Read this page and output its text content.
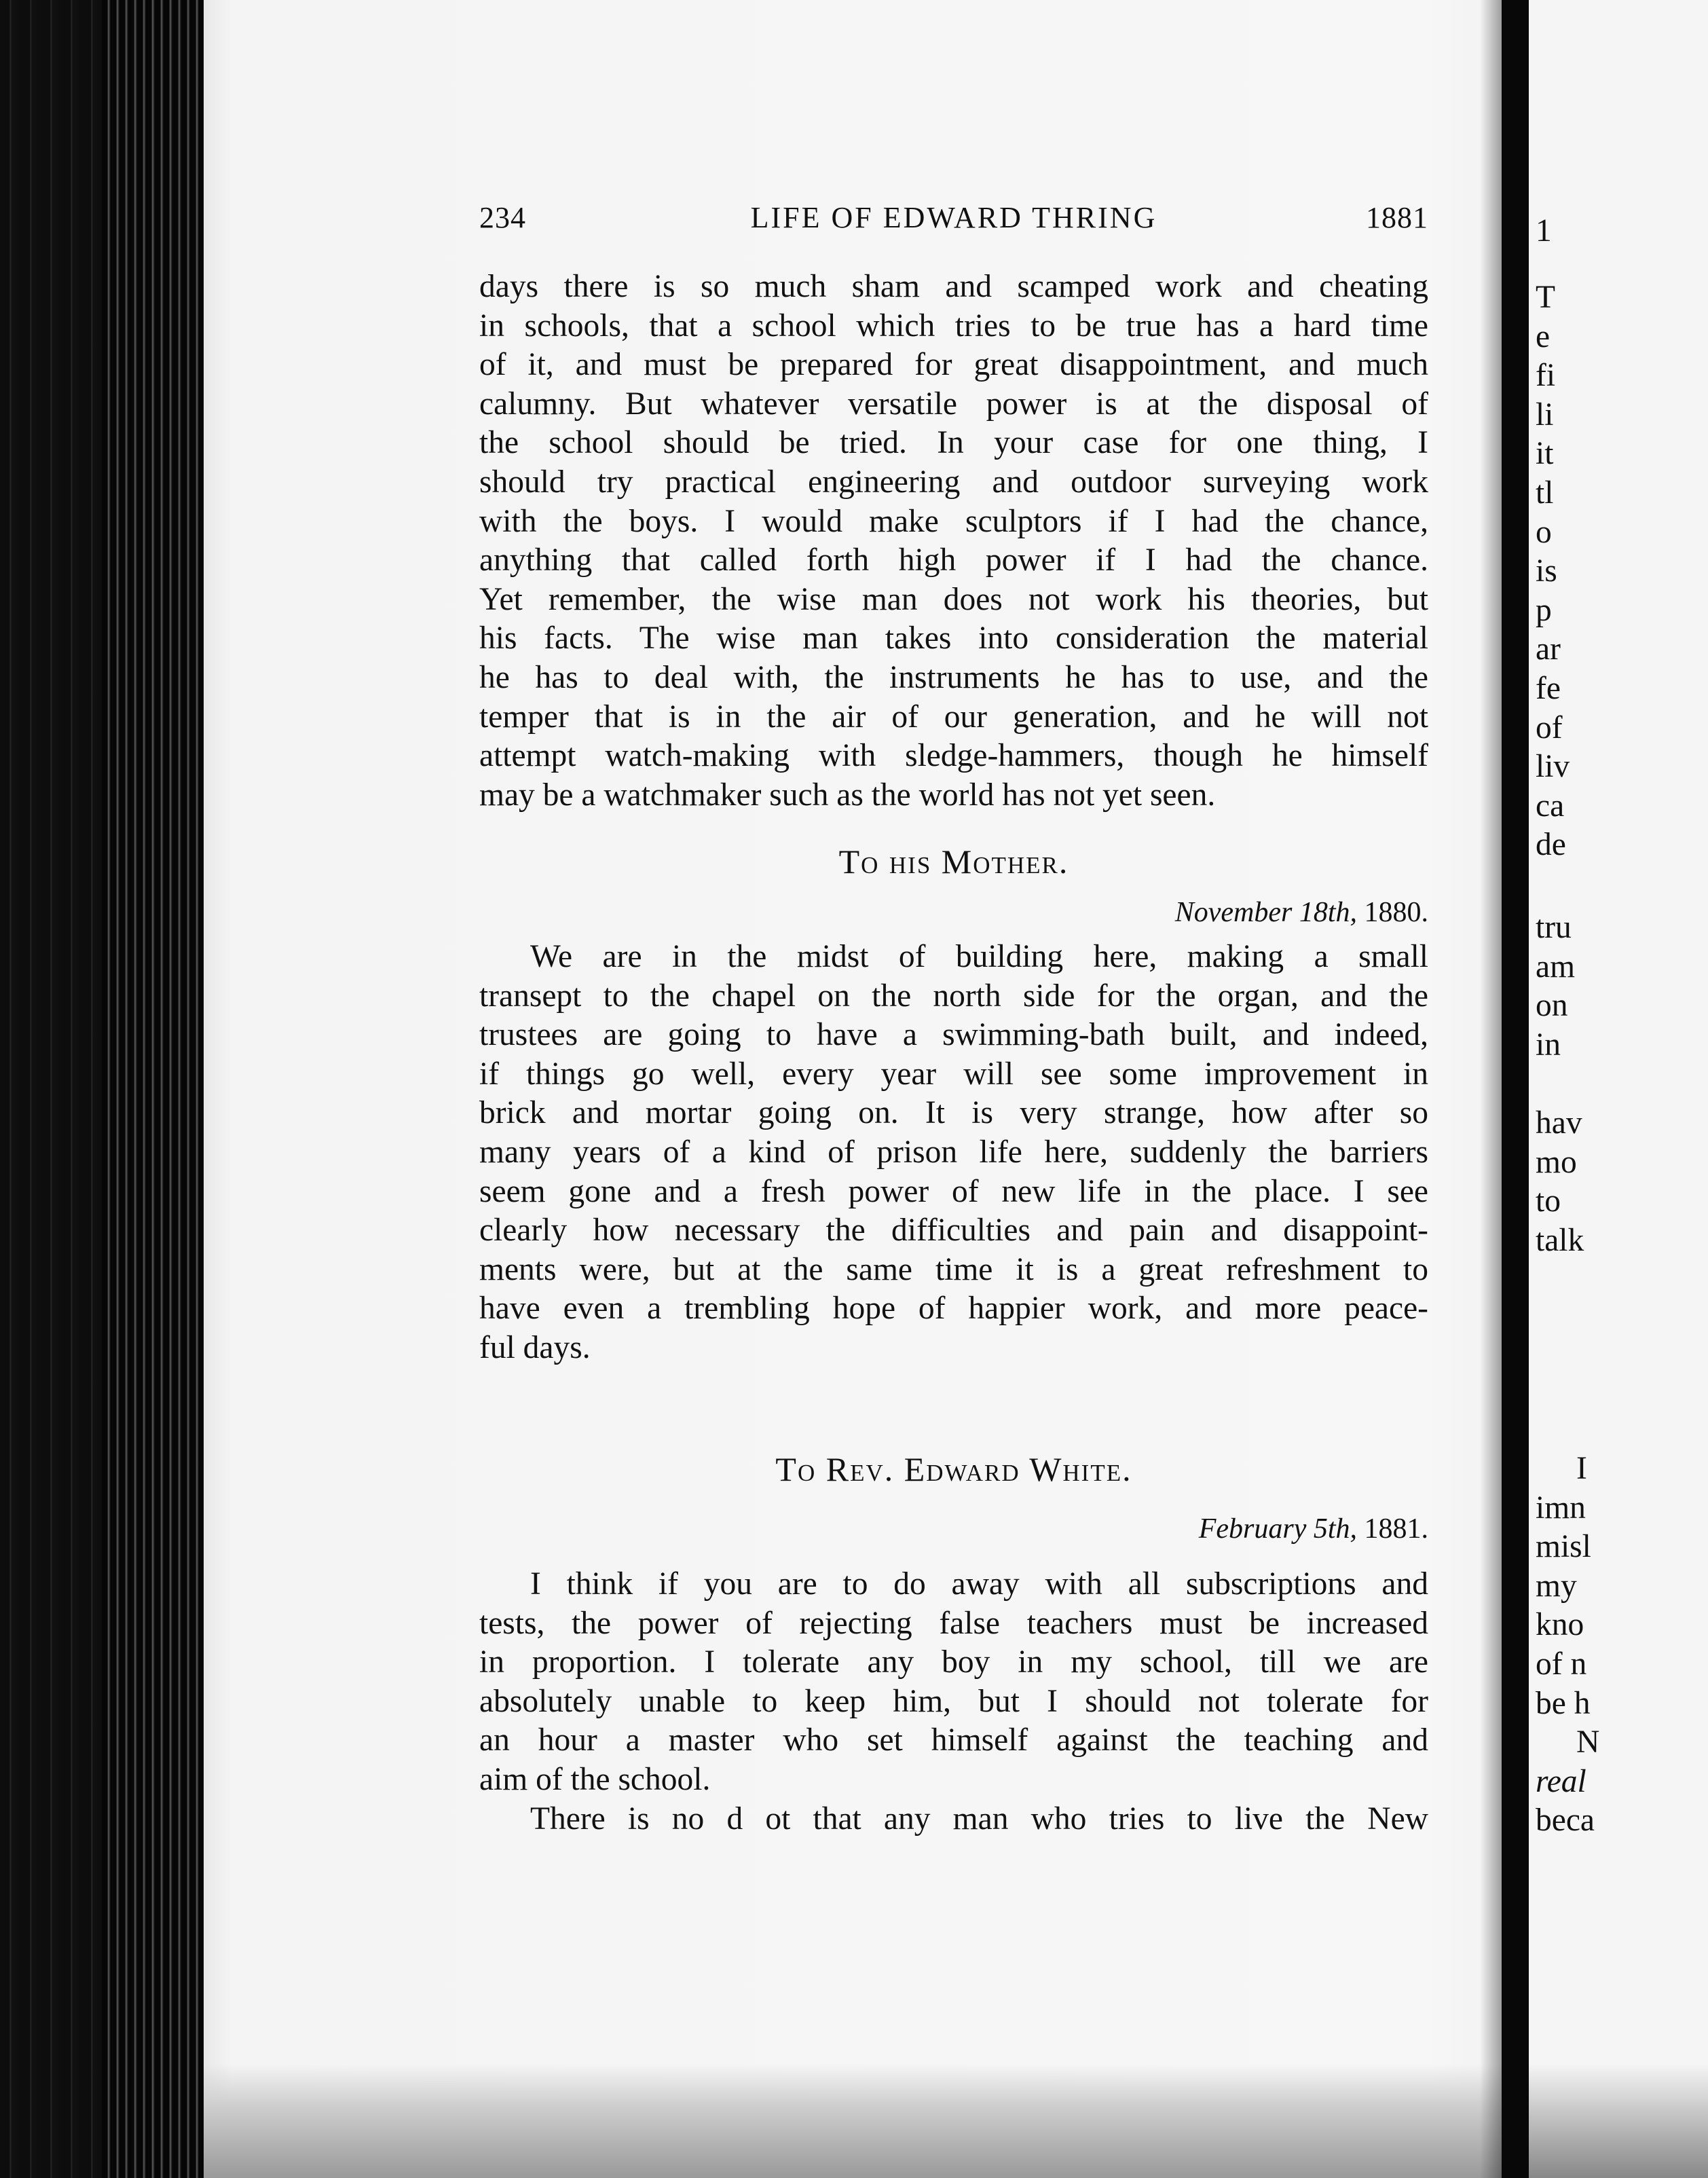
234	LIFE OF EDWARD THRING	1881
days there is so much sham and scamped work and cheating
in schools, that a school which tries to be true has a hard time
of it, and must be prepared for great disappointment, and much
calumny. But whatever versatile power is at the disposal of
the school should be tried. In your case for one thing, I
should try practical engineering and outdoor surveying work
with the boys. I would make sculptors if I had the chance,
anything that called forth high power if I had the chance.
Yet remember, the wise man does not work his theories, but
his facts. The wise man takes into consideration the material
he has to deal with, the instruments he has to use, and the
temper that is in the air of our generation, and he will not
attempt watch-making with sledge-hammers, though he himself
may be a watchmaker such as the world has not yet seen.
To his Mother.
November 18th, 1880.
We are in the midst of building here, making a small
transept to the chapel on the north side for the organ, and the
trustees are going to have a swimming-bath built, and indeed,
if things go well, every year will see some improvement in
brick and mortar going on. It is very strange, how after so
many years of a kind of prison life here, suddenly the barriers
seem gone and a fresh power of new life in the place. I see
clearly how necessary the difficulties and pain and disappoint-
ments were, but at the same time it is a great refreshment to
have even a trembling hope of happier work, and more peace-
ful days.
To Rev. Edward White.
February 5th, 1881.
I think if you are to do away with all subscriptions and
tests, the power of rejecting false teachers must be increased
in proportion. I tolerate any boy in my school, till we are
absolutely unable to keep him, but I should not tolerate for
an hour a master who set himself against the teaching and
aim of the school.
There is no d ot that any man who tries to live the New
1
T
e
fi
li
it
tl
o
is
p
ar
fe
of
liv
ca
de
tru
am
on
in
hav
mo
to
talk
I
imn
misl
my
kno
of n
be h
N
real
beca
